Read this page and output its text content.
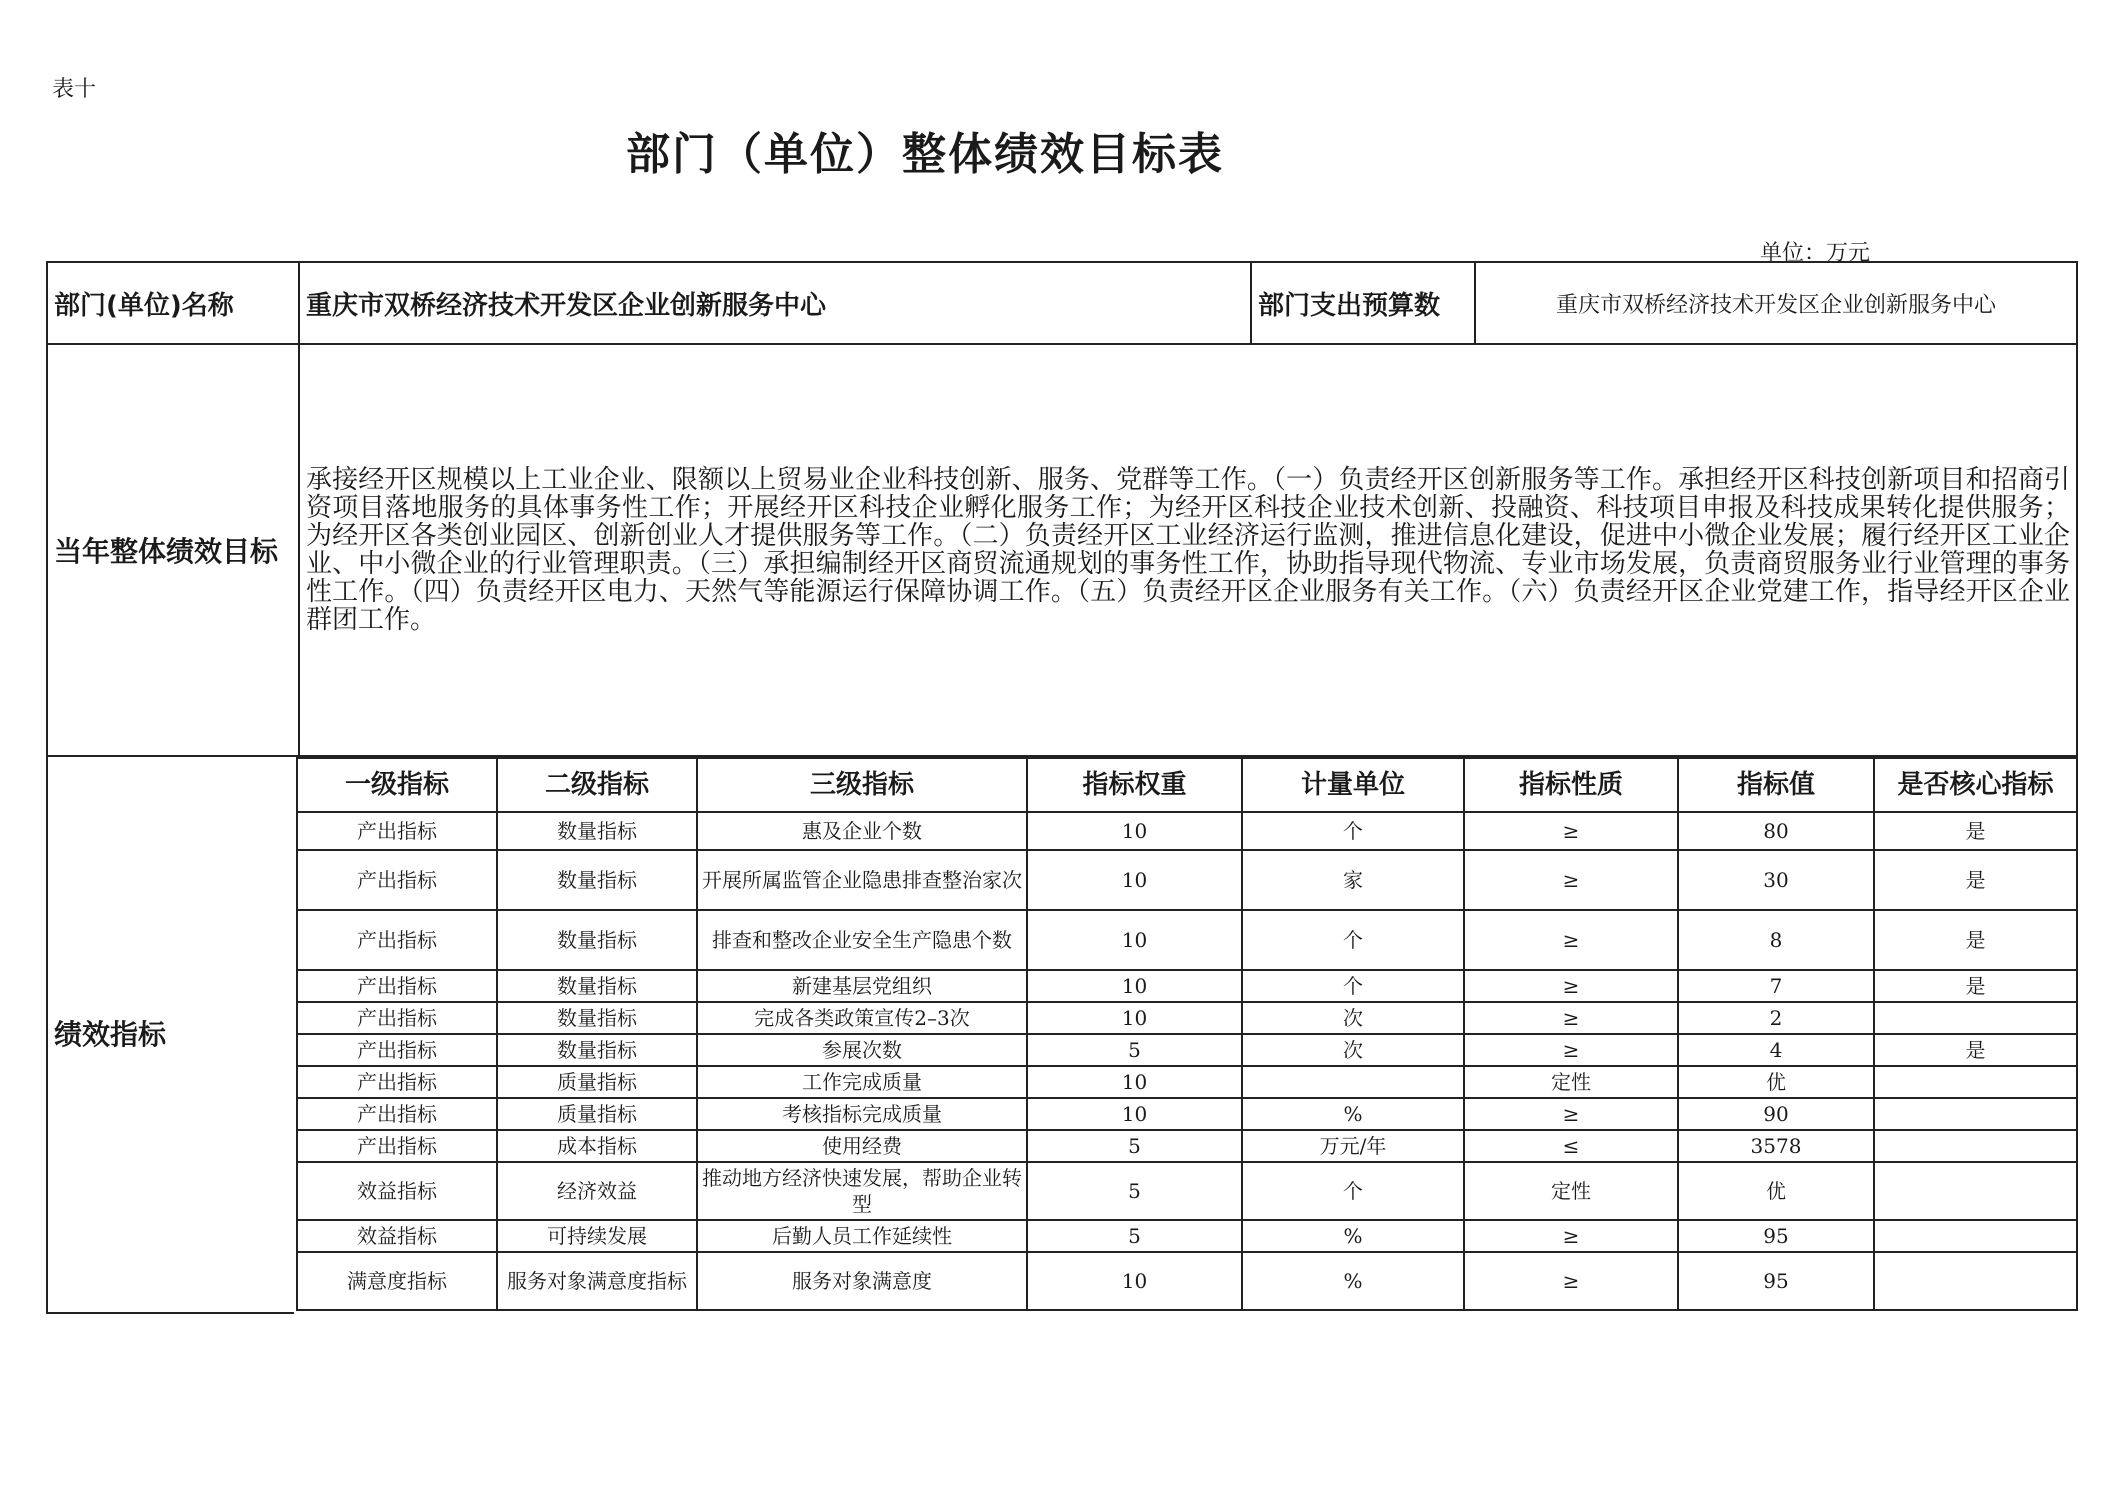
表十
部门（单位）整体绩效目标表
单位：万元
部门(单位)名称	重庆市双桥经济技术开发区企业创新服务中心	部门支出预算数	重庆市双桥经济技术开发区企业创新服务中心
当年整体绩效目标	承接经开区规模以上工业企业、限额以上贸易业企业科技创新、服务、党群等工作。（一）负责经开区创新服务等工作。承担经开区科技创新项目和招商引资项目落地服务的具体事务性工作；开展经开区科技企业孵化服务工作；为经开区科技企业技术创新、投融资、科技项目申报及科技成果转化提供服务；为经开区各类创业园区、创新创业人才提供服务等工作。（二）负责经开区工业经济运行监测，推进信息化建设，促进中小微企业发展；履行经开区工业企业、中小微企业的行业管理职责。（三）承担编制经开区商贸流通规划的事务性工作，协助指导现代物流、专业市场发展，负责商贸服务业行业管理的事务性工作。（四）负责经开区电力、天然气等能源运行保障协调工作。（五）负责经开区企业服务有关工作。（六）负责经开区企业党建工作，指导经开区企业群团工作。		
绩效指标
一级指标	二级指标	三级指标	指标权重	计量单位	指标性质	指标值	是否核心指标
产出指标	数量指标	惠及企业个数	10	个	≥	80	是
产出指标	数量指标	开展所属监管企业隐患排查整治家次	10	家	≥	30	是
产出指标	数量指标	排查和整改企业安全生产隐患个数	10	个	≥	8	是
产出指标	数量指标	新建基层党组织	10	个	≥	7	是
产出指标	数量指标	完成各类政策宣传2–3次	10	次	≥	2	
产出指标	数量指标	参展次数	5	次	≥	4	是
产出指标	质量指标	工作完成质量	10		定性	优	
产出指标	质量指标	考核指标完成质量	10	%	≥	90	
产出指标	成本指标	使用经费	5	万元/年	≤	3578	
效益指标	经济效益	推动地方经济快速发展，帮助企业转型	5	个	定性	优	
效益指标	可持续发展	后勤人员工作延续性	5	%	≥	95	
满意度指标	服务对象满意度指标	服务对象满意度	10	%	≥	95	
